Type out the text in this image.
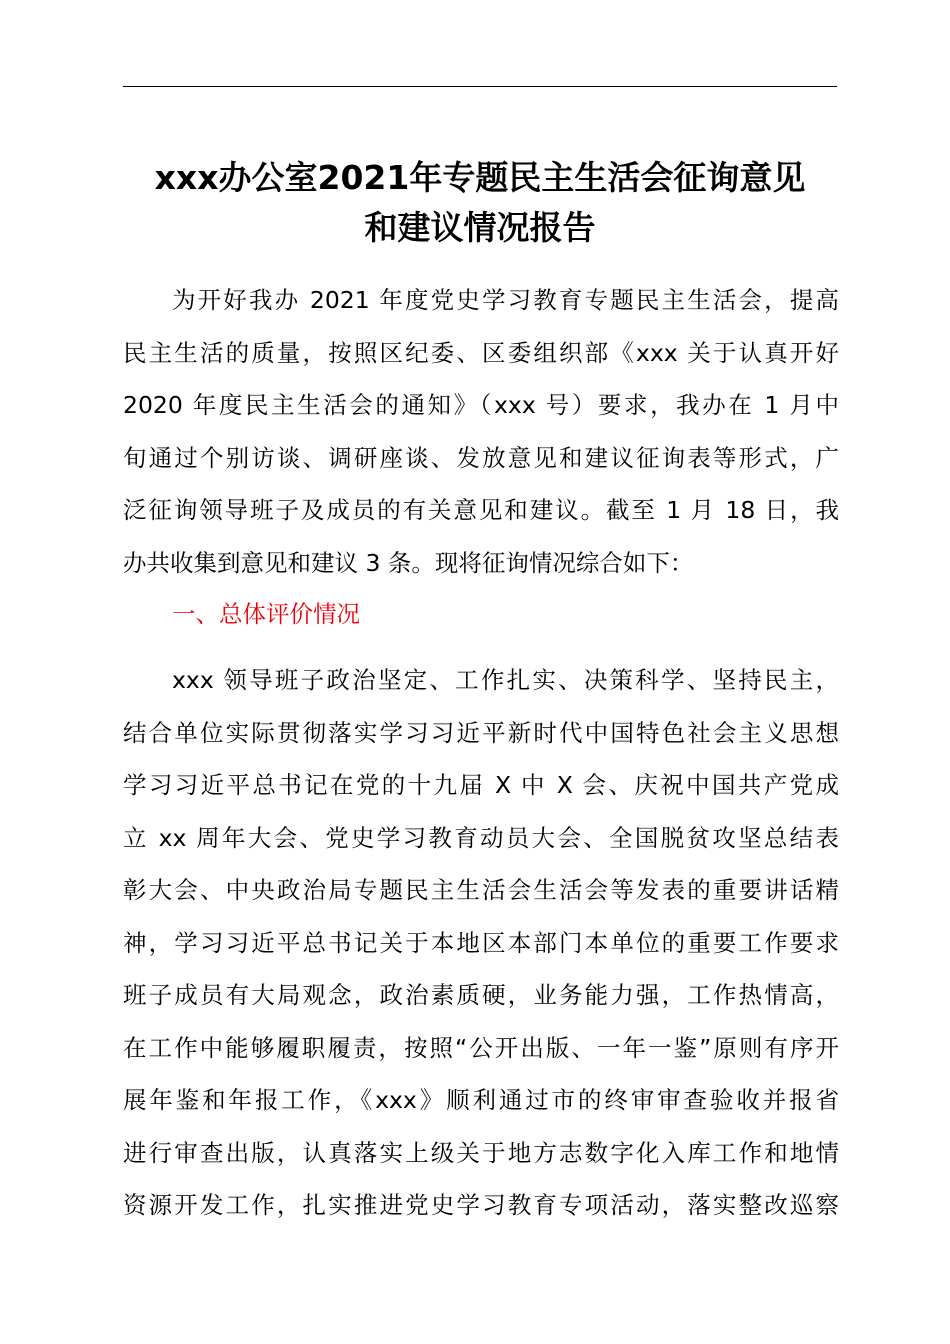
xxx办公室2021年专题民主生活会征询意见
和建议情况报告
为开好我办 2021 年度党史学习教育专题民主生活会，提高
民主生活的质量，按照区纪委、区委组织部《xxx 关于认真开好
2020 年度民主生活会的通知》（xxx 号）要求，我办在 1 月中
旬通过个别访谈、调研座谈、发放意见和建议征询表等形式，广
泛征询领导班子及成员的有关意见和建议。截至 1 月 18 日，我
办共收集到意见和建议 3 条。现将征询情况综合如下：
一、总体评价情况
xxx 领导班子政治坚定、工作扎实、决策科学、坚持民主，
结合单位实际贯彻落实学习习近平新时代中国特色社会主义思想
学习习近平总书记在党的十九届 X 中 X 会、庆祝中国共产党成
立 xx 周年大会、党史学习教育动员大会、全国脱贫攻坚总结表
彰大会、中央政治局专题民主生活会生活会等发表的重要讲话精
神，学习习近平总书记关于本地区本部门本单位的重要工作要求
班子成员有大局观念，政治素质硬，业务能力强，工作热情高，
在工作中能够履职履责，按照“公开出版、一年一鉴”原则有序开
展年鉴和年报工作，《xxx》顺利通过市的终审审查验收并报省
进行审查出版，认真落实上级关于地方志数字化入库工作和地情
资源开发工作，扎实推进党史学习教育专项活动，落实整改巡察
